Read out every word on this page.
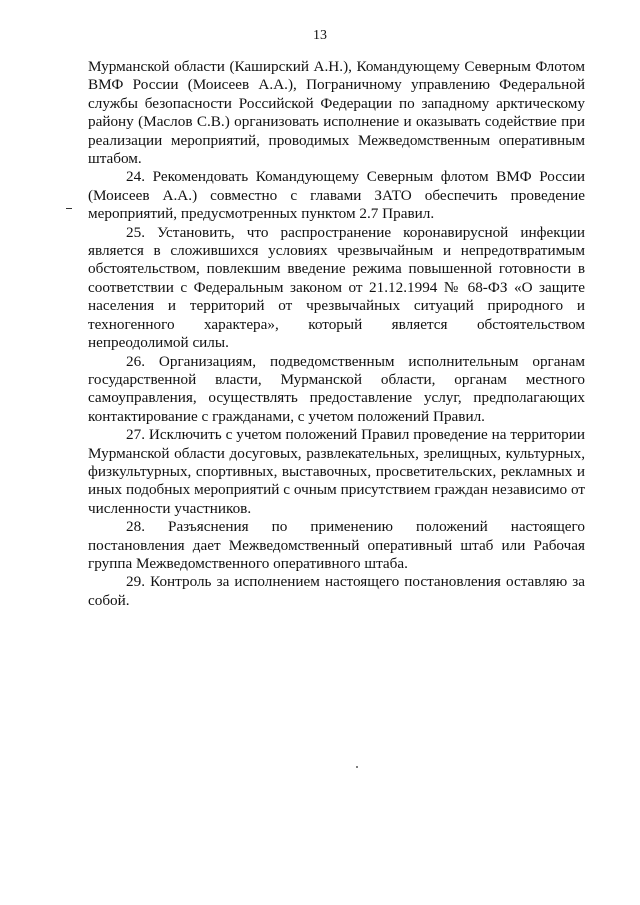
13

Мурманской области (Каширский А.Н.), Командующему Северным Флотом ВМФ России (Моисеев А.А.), Пограничному управлению Федеральной службы безопасности Российской Федерации по западному арктическому району (Маслов С.В.) организовать исполнение и оказывать содействие при реализации мероприятий, проводимых Межведомственным оперативным штабом.

24. Рекомендовать Командующему Северным флотом ВМФ России (Моисеев А.А.) совместно с главами ЗАТО обеспечить проведение мероприятий, предусмотренных пунктом 2.7 Правил.

25. Установить, что распространение коронавирусной инфекции является в сложившихся условиях чрезвычайным и непредотвратимым обстоятельством, повлекшим введение режима повышенной готовности в соответствии с Федеральным законом от 21.12.1994 № 68-ФЗ «О защите населения и территорий от чрезвычайных ситуаций природного и техногенного характера», который является обстоятельством непреодолимой силы.

26. Организациям, подведомственным исполнительным органам государственной власти, Мурманской области, органам местного самоуправления, осуществлять предоставление услуг, предполагающих контактирование с гражданами, с учетом положений Правил.

27. Исключить с учетом положений Правил проведение на территории Мурманской области досуговых, развлекательных, зрелищных, культурных, физкультурных, спортивных, выставочных, просветительских, рекламных и иных подобных мероприятий с очным присутствием граждан независимо от численности участников.

28. Разъяснения по применению положений настоящего постановления дает Межведомственный оперативный штаб или Рабочая группа Межведомственного оперативного штаба.

29. Контроль за исполнением настоящего постановления оставляю за собой.
